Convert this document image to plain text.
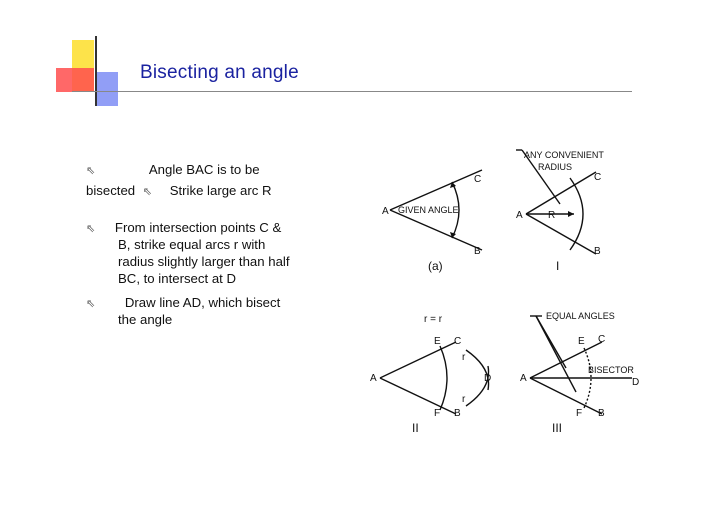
Bisecting an angle
⇖	Angle BAC is to be
bisected ⇖ Strike large arc R
⇖ From intersection points C &
B, strike equal arcs r with
radius slightly larger than half
BC, to intersect at D
⇖ Draw line AD, which bisect
the angle
A GIVEN ANGLE
C
B
(a)
ANY CONVENIENT
RADIUS
A	R
C
B
I
r = r
A
E C
r
D
r
F B
II
EQUAL ANGLES
A
E C
BISECTOR
D
F B
III
